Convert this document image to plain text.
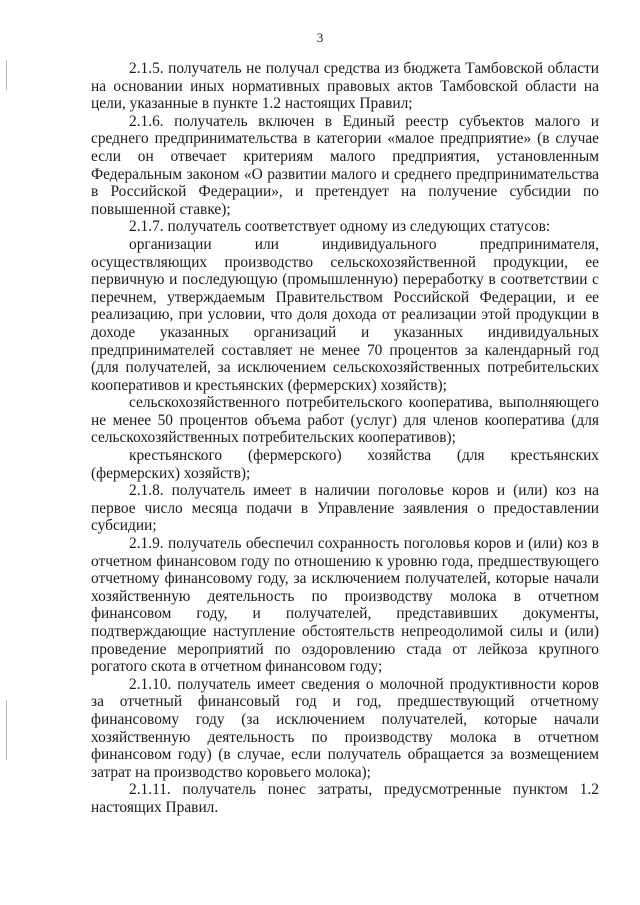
3

2.1.5. получатель не получал средства из бюджета Тамбовской области на основании иных нормативных правовых актов Тамбовской области на цели, указанные в пункте 1.2 настоящих Правил;

2.1.6. получатель включен в Единый реестр субъектов малого и среднего предпринимательства в категории «малое предприятие» (в случае если он отвечает критериям малого предприятия, установленным Федеральным законом «О развитии малого и среднего предпринимательства в Российской Федерации», и претендует на получение субсидии по повышенной ставке);

2.1.7. получатель соответствует одному из следующих статусов:

организации или индивидуального предпринимателя, осуществляющих производство сельскохозяйственной продукции, ее первичную и последующую (промышленную) переработку в соответствии с перечнем, утверждаемым Правительством Российской Федерации, и ее реализацию, при условии, что доля дохода от реализации этой продукции в доходе указанных организаций и указанных индивидуальных предпринимателей составляет не менее 70 процентов за календарный год (для получателей, за исключением сельскохозяйственных потребительских кооперативов и крестьянских (фермерских) хозяйств);

сельскохозяйственного потребительского кооператива, выполняющего не менее 50 процентов объема работ (услуг) для членов кооператива (для сельскохозяйственных потребительских кооперативов);

крестьянского (фермерского) хозяйства (для крестьянских (фермерских) хозяйств);

2.1.8. получатель имеет в наличии поголовье коров и (или) коз на первое число месяца подачи в Управление заявления о предоставлении субсидии;

2.1.9. получатель обеспечил сохранность поголовья коров и (или) коз в отчетном финансовом году по отношению к уровню года, предшествующего отчетному финансовому году, за исключением получателей, которые начали хозяйственную деятельность по производству молока в отчетном финансовом году, и получателей, представивших документы, подтверждающие наступление обстоятельств непреодолимой силы и (или) проведение мероприятий по оздоровлению стада от лейкоза крупного рогатого скота в отчетном финансовом году;

2.1.10. получатель имеет сведения о молочной продуктивности коров за отчетный финансовый год и год, предшествующий отчетному финансовому году (за исключением получателей, которые начали хозяйственную деятельность по производству молока в отчетном финансовом году) (в случае, если получатель обращается за возмещением затрат на производство коровьего молока);

2.1.11. получатель понес затраты, предусмотренные пунктом 1.2 настоящих Правил.
